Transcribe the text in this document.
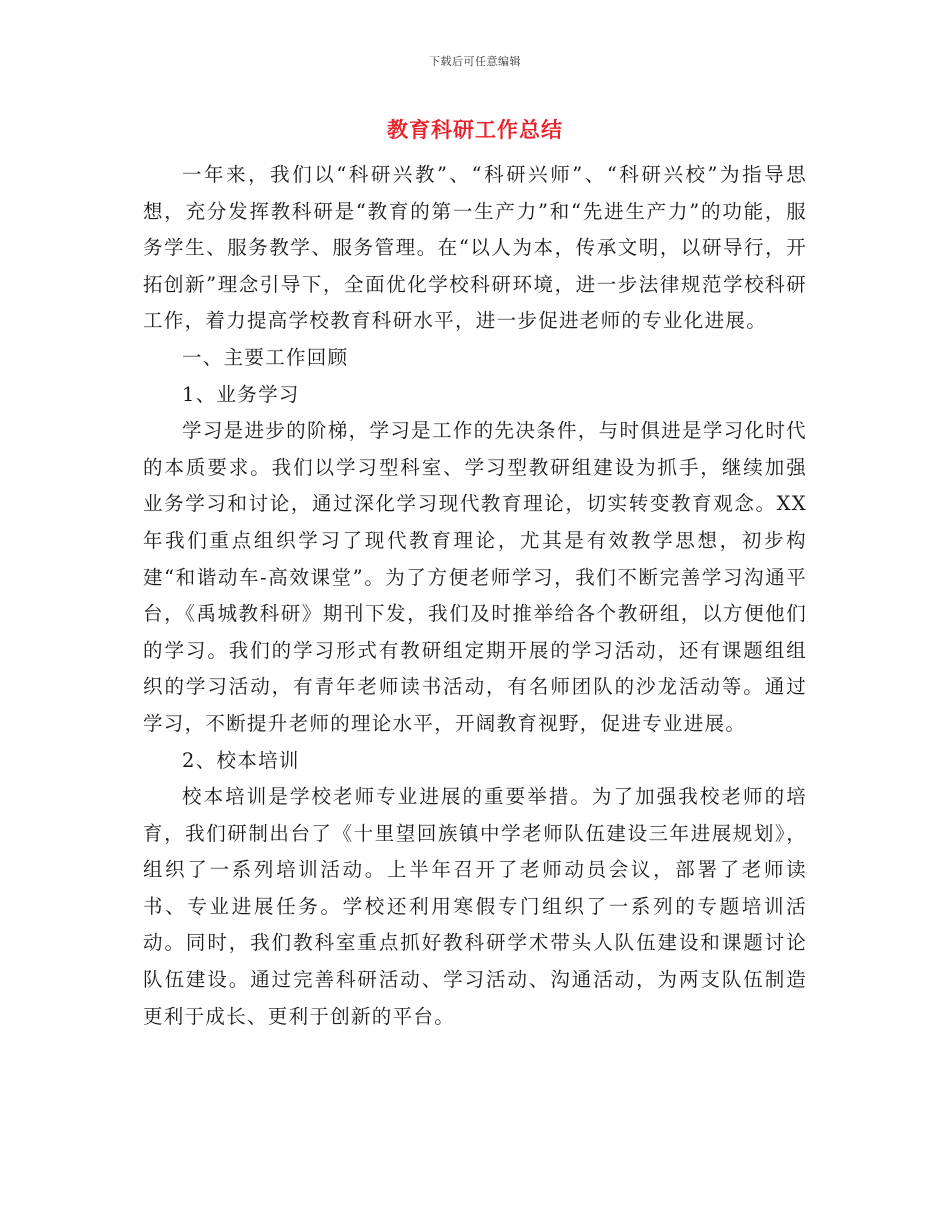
下载后可任意编辑
教育科研工作总结

一年来，我们以“科研兴教”、“科研兴师”、“科研兴校”为指导思想，充分发挥教科研是“教育的第一生产力”和“先进生产力”的功能，服务学生、服务教学、服务管理。在“以人为本，传承文明，以研导行，开拓创新”理念引导下，全面优化学校科研环境，进一步法律规范学校科研工作，着力提高学校教育科研水平，进一步促进老师的专业化进展。

一、主要工作回顾

1、业务学习

学习是进步的阶梯，学习是工作的先决条件，与时俱进是学习化时代的本质要求。我们以学习型科室、学习型教研组建设为抓手，继续加强业务学习和讨论，通过深化学习现代教育理论，切实转变教育观念。XX年我们重点组织学习了现代教育理论，尤其是有效教学思想，初步构建“和谐动车-高效课堂”。为了方便老师学习，我们不断完善学习沟通平台，《禹城教科研》期刊下发，我们及时推举给各个教研组，以方便他们的学习。我们的学习形式有教研组定期开展的学习活动，还有课题组组织的学习活动，有青年老师读书活动，有名师团队的沙龙活动等。通过学习，不断提升老师的理论水平，开阔教育视野，促进专业进展。

2、校本培训

校本培训是学校老师专业进展的重要举措。为了加强我校老师的培育，我们研制出台了《十里望回族镇中学老师队伍建设三年进展规划》，组织了一系列培训活动。上半年召开了老师动员会议，部署了老师读书、专业进展任务。学校还利用寒假专门组织了一系列的专题培训活动。同时，我们教科室重点抓好教科研学术带头人队伍建设和课题讨论队伍建设。通过完善科研活动、学习活动、沟通活动，为两支队伍制造更利于成长、更利于创新的平台。
